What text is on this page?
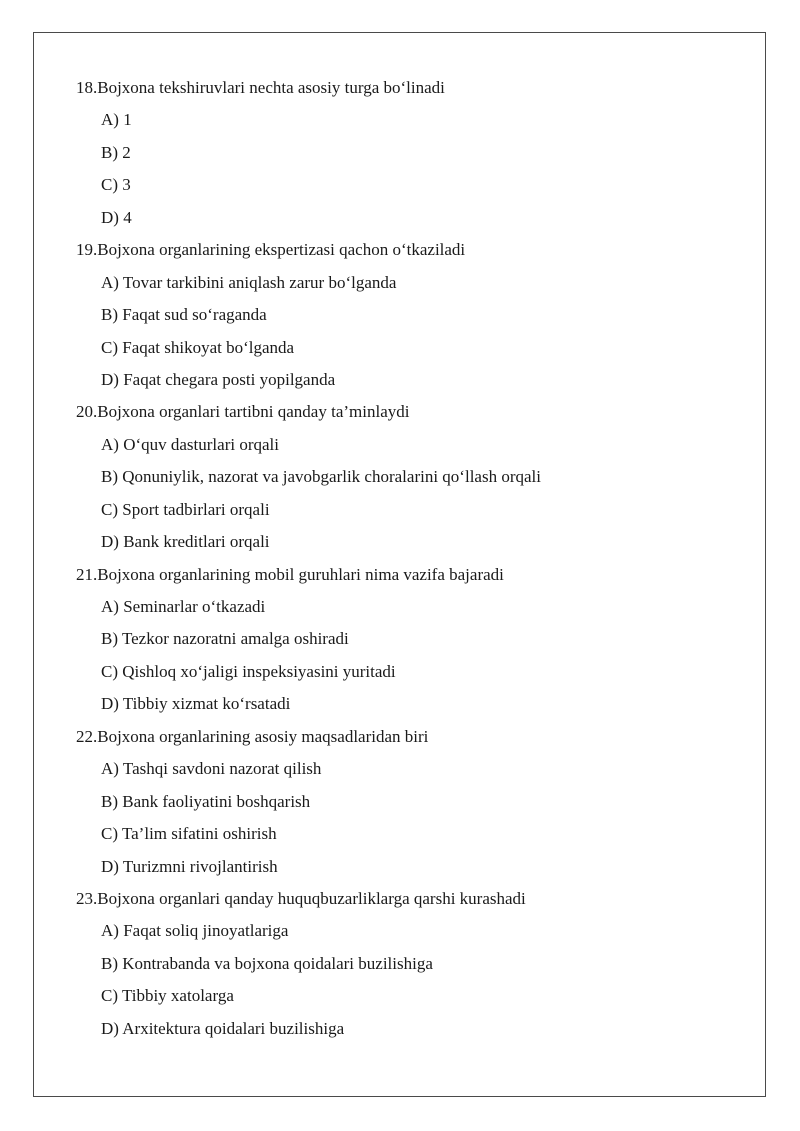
18.Bojxona tekshiruvlari nechta asosiy turga bo‘linadi
A) 1
B) 2
C) 3
D) 4
19.Bojxona organlarining ekspertizasi qachon o‘tkaziladi
A) Tovar tarkibini aniqlash zarur bo‘lganda
B) Faqat sud so‘raganda
C) Faqat shikoyat bo‘lganda
D) Faqat chegara posti yopilganda
20.Bojxona organlari tartibni qanday ta’minlaydi
A) O‘quv dasturlari orqali
B) Qonuniylik, nazorat va javobgarlik choralarini qo‘llash orqali
C) Sport tadbirlari orqali
D) Bank kreditlari orqali
21.Bojxona organlarining mobil guruhlari nima vazifa bajaradi
A) Seminarlar o‘tkazadi
B) Tezkor nazoratni amalga oshiradi
C) Qishloq xo‘jaligi inspeksiyasini yuritadi
D) Tibbiy xizmat ko‘rsatadi
22.Bojxona organlarining asosiy maqsadlaridan biri
A) Tashqi savdoni nazorat qilish
B) Bank faoliyatini boshqarish
C) Ta’lim sifatini oshirish
D) Turizmni rivojlantirish
23.Bojxona organlari qanday huquqbuzarliklarga qarshi kurashadi
A) Faqat soliq jinoyatlariga
B) Kontrabanda va bojxona qoidalari buzilishiga
C) Tibbiy xatolarga
D) Arxitektura qoidalari buzilishiga
